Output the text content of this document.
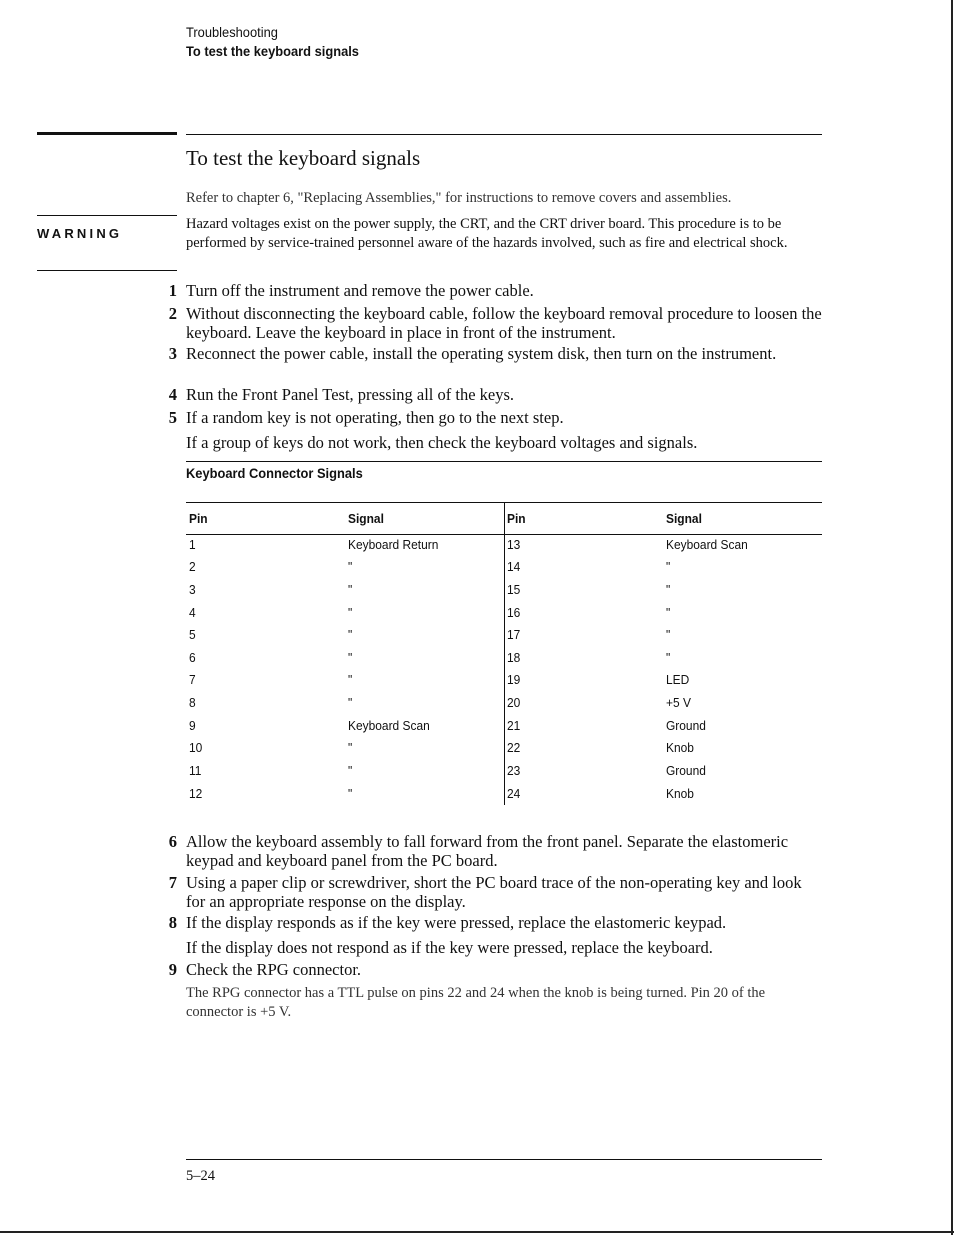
Troubleshooting
To test the keyboard signals
To test the keyboard signals
Refer to chapter 6, "Replacing Assemblies," for instructions to remove covers and assemblies.
WARNING
Hazard voltages exist on the power supply, the CRT, and the CRT driver board. This procedure is to be performed by service-trained personnel aware of the hazards involved, such as fire and electrical shock.
1 Turn off the instrument and remove the power cable.
2 Without disconnecting the keyboard cable, follow the keyboard removal procedure to loosen the keyboard. Leave the keyboard in place in front of the instrument.
3 Reconnect the power cable, install the operating system disk, then turn on the instrument.
4 Run the Front Panel Test, pressing all of the keys.
5 If a random key is not operating, then go to the next step.
If a group of keys do not work, then check the keyboard voltages and signals.
Keyboard Connector Signals
Pin	Signal	Pin	Signal
1	Keyboard Return	13	Keyboard Scan
2	"	14	"
3	"	15	"
4	"	16	"
5	"	17	"
6	"	18	"
7	"	19	LED
8	"	20	+5 V
9	Keyboard Scan	21	Ground
10	"	22	Knob
11	"	23	Ground
12	"	24	Knob
6 Allow the keyboard assembly to fall forward from the front panel. Separate the elastomeric keypad and keyboard panel from the PC board.
7 Using a paper clip or screwdriver, short the PC board trace of the non-operating key and look for an appropriate response on the display.
8 If the display responds as if the key were pressed, replace the elastomeric keypad.
If the display does not respond as if the key were pressed, replace the keyboard.
9 Check the RPG connector.
The RPG connector has a TTL pulse on pins 22 and 24 when the knob is being turned. Pin 20 of the connector is +5 V.
5–24
